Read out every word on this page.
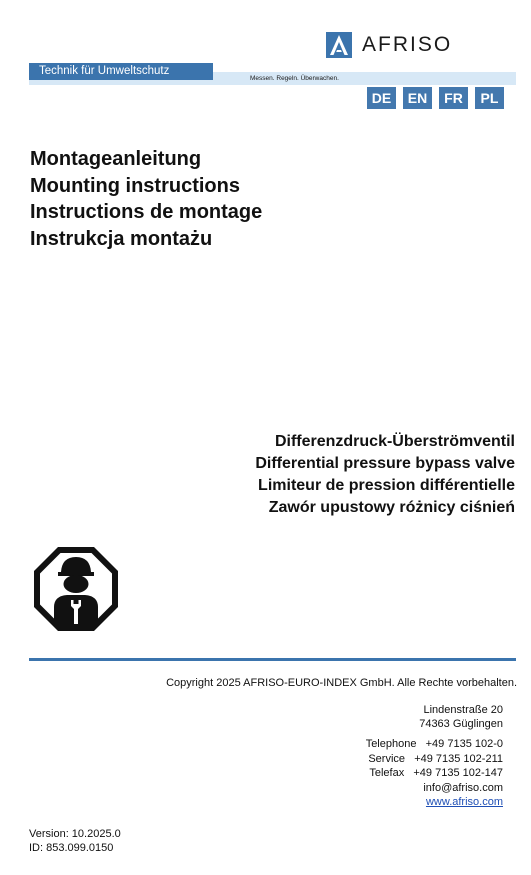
AFRISO
Technik für Umweltschutz
Messen. Regeln. Überwachen.
DE	EN	FR	PL
Montageanleitung
Mounting instructions
Instructions de montage
Instrukcja montażu
Differenzdruck-Überströmventil
Differential pressure bypass valve
Limiteur de pression différentielle
Zawór upustowy różnicy ciśnień
Copyright 2025 AFRISO-EURO-INDEX GmbH. Alle Rechte vorbehalten.
Lindenstraße 20
74363 Güglingen
Telephone   +49 7135 102-0
Service   +49 7135 102-211
Telefax   +49 7135 102-147
info@afriso.com
www.afriso.com
Version: 10.2025.0
ID: 853.099.0150
